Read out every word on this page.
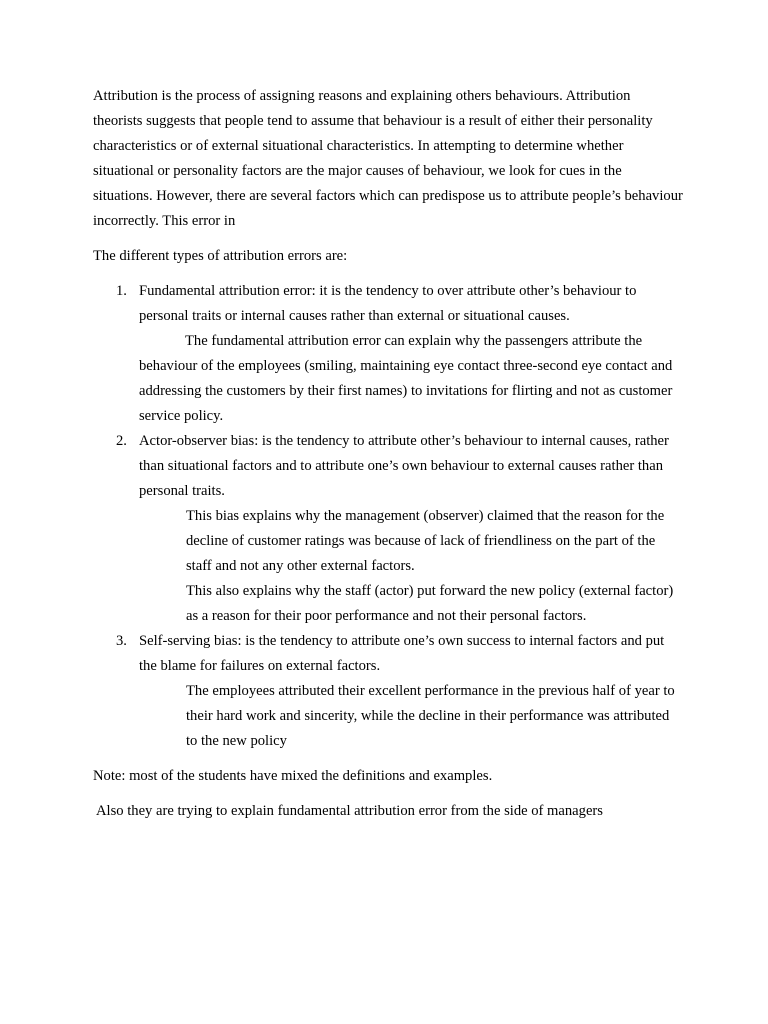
Attribution is the process of assigning reasons and explaining others behaviours. Attribution theorists suggests that people tend to assume that behaviour is a result of either their personality characteristics or of external situational characteristics. In attempting to determine whether situational or personality factors are the major causes of behaviour, we look for cues in the situations. However, there are several factors which can predispose us to attribute people’s behaviour incorrectly. This error in

The different types of attribution errors are:

1. Fundamental attribution error: it is the tendency to over attribute other’s behaviour to personal traits or internal causes rather than external or situational causes.

The fundamental attribution error can explain why the passengers attribute the behaviour of the employees (smiling, maintaining eye contact three-second eye contact and addressing the customers by their first names) to invitations for flirting and not as customer service policy.

2. Actor-observer bias: is the tendency to attribute other’s behaviour to internal causes, rather than situational factors and to attribute one’s own behaviour to external causes rather than personal traits.

This bias explains why the management (observer) claimed that the reason for the decline of customer ratings was because of lack of friendliness on the part of the staff and not any other external factors.

This also explains why the staff (actor) put forward the new policy (external factor) as a reason for their poor performance and not their personal factors.

3. Self-serving bias: is the tendency to attribute one’s own success to internal factors and put the blame for failures on external factors.

The employees attributed their excellent performance in the previous half of year to their hard work and sincerity, while the decline in their performance was attributed to the new policy

Note: most of the students have mixed the definitions and examples.

Also they are trying to explain fundamental attribution error from the side of managers
